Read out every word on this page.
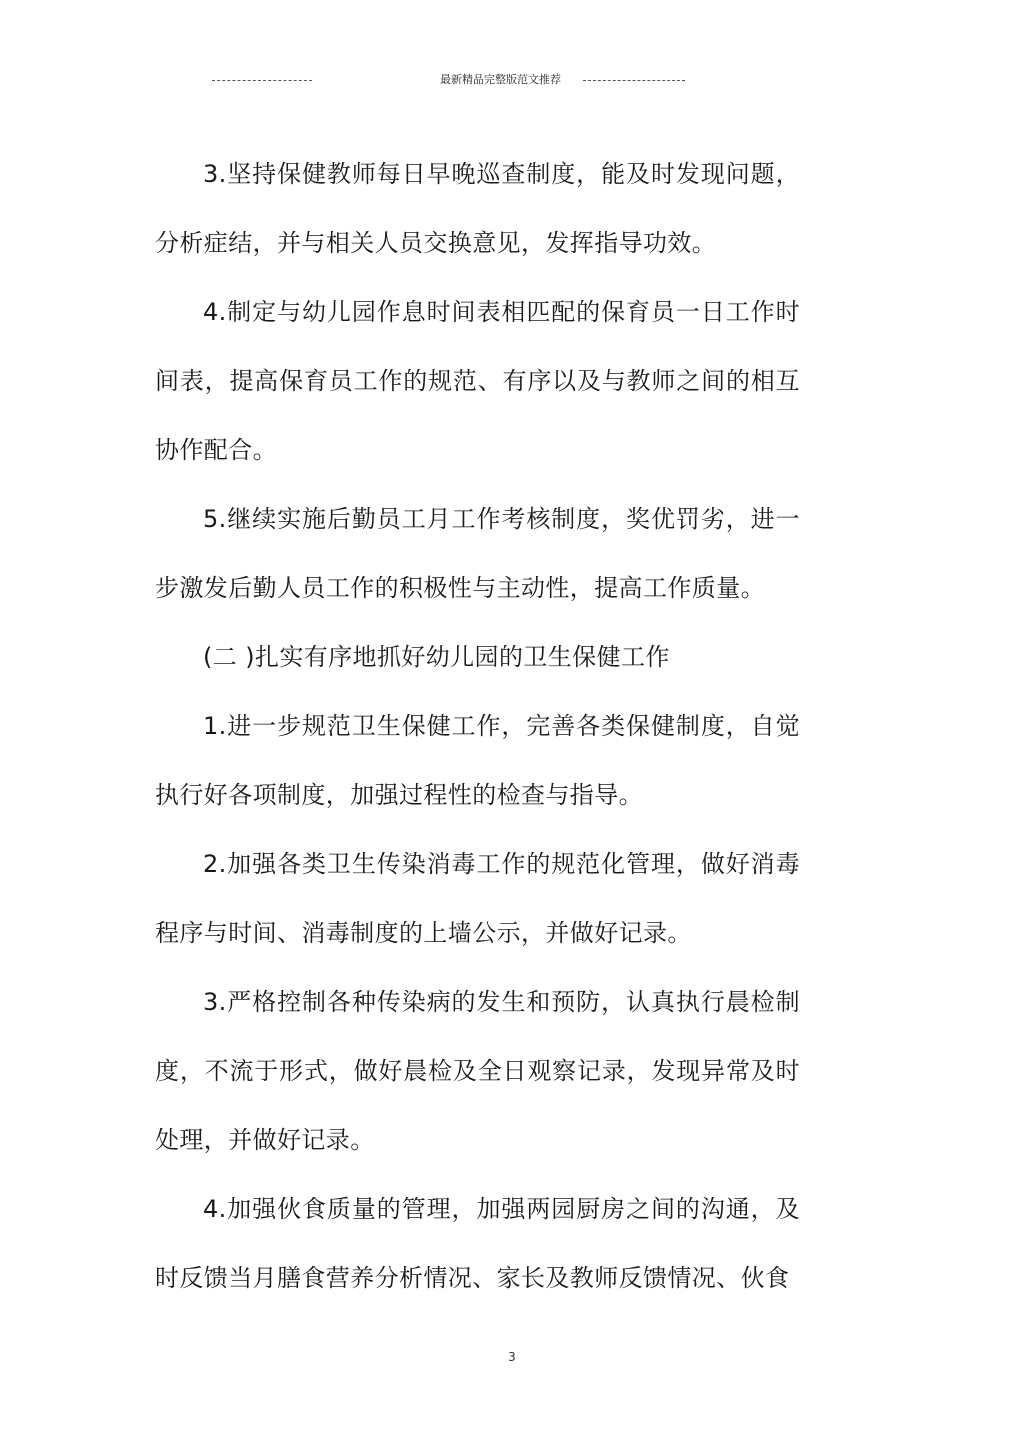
最新精品完整版范文推荐

3.坚持保健教师每日早晚巡查制度，能及时发现问题，分析症结，并与相关人员交换意见，发挥指导功效。

4.制定与幼儿园作息时间表相匹配的保育员一日工作时间表，提高保育员工作的规范、有序以及与教师之间的相互协作配合。

5.继续实施后勤员工月工作考核制度，奖优罚劣，进一步激发后勤人员工作的积极性与主动性，提高工作质量。

(二 )扎实有序地抓好幼儿园的卫生保健工作

1.进一步规范卫生保健工作，完善各类保健制度，自觉执行好各项制度，加强过程性的检查与指导。

2.加强各类卫生传染消毒工作的规范化管理，做好消毒程序与时间、消毒制度的上墙公示，并做好记录。

3.严格控制各种传染病的发生和预防，认真执行晨检制度，不流于形式，做好晨检及全日观察记录，发现异常及时处理，并做好记录。

4.加强伙食质量的管理，加强两园厨房之间的沟通，及时反馈当月膳食营养分析情况、家长及教师反馈情况、伙食

3
